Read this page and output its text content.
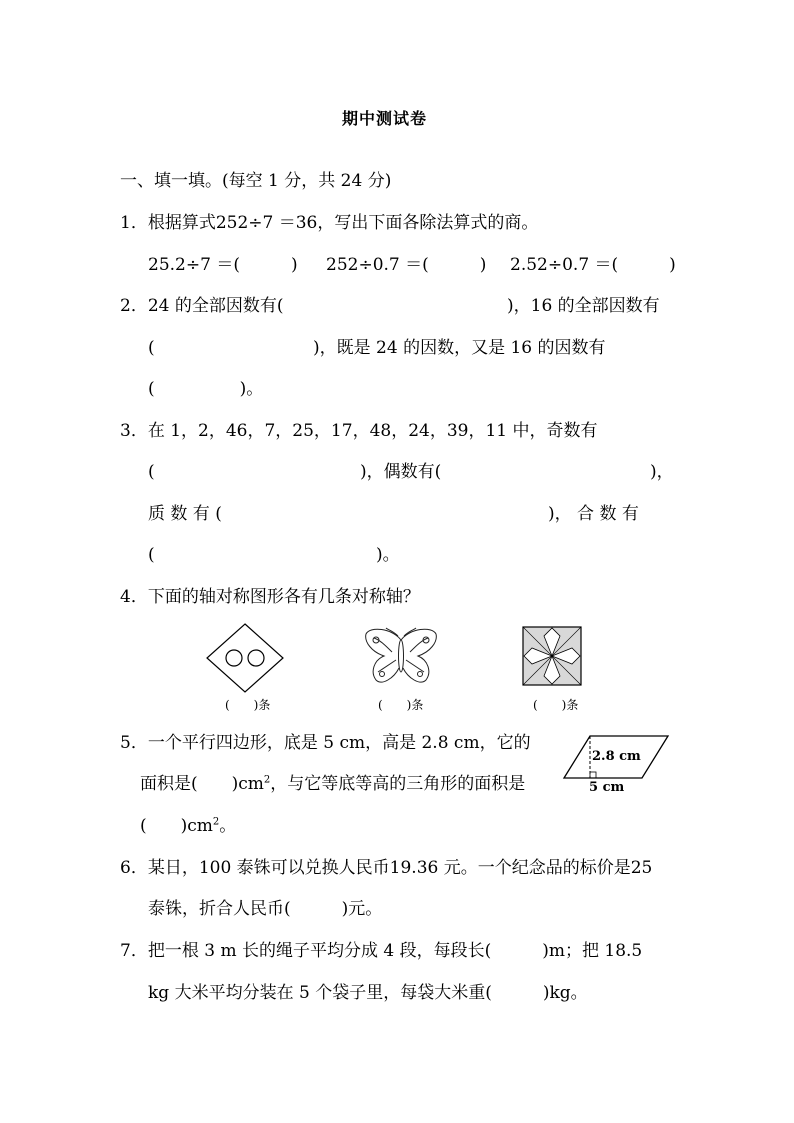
期中测试卷
一、填一填。(每空 1 分，共 24 分)
1．根据算式252÷7 ＝36，写出下面各除法算式的商。
25.2÷7 ＝(　　　) 252÷0.7 ＝(　　　) 2.52÷0.7 ＝(　　　)
2．24 的全部因数有(	)，16 的全部因数有
(	)，既是 24 的因数，又是 16 的因数有
(　　　　　)。
3．在 1，2，46，7，25，17，48，24，39，11 中，奇数有
(	)，偶数有(	)，
质 数 有 (	)， 合 数 有
(	)。
4．下面的轴对称图形各有几条对称轴？
(　　)条	(　　)条	(　　)条
5．一个平行四边形，底是 5 cm，高是 2.8 cm，它的
面积是(　　 )$cm^2$，与它等底等高的三角形的面积是
(　　)$cm^2$。
2.8 cm
5 cm
6．某日，100 泰铢可以兑换人民币19.36 元。一个纪念品的标价是25
泰铢，折合人民币(　　　)元。
7．把一根 3 m 长的绳子平均分成 4 段，每段长(　　　)m；把 18.5
kg 大米平均分装在 5 个袋子里，每袋大米重(　　　)kg。
